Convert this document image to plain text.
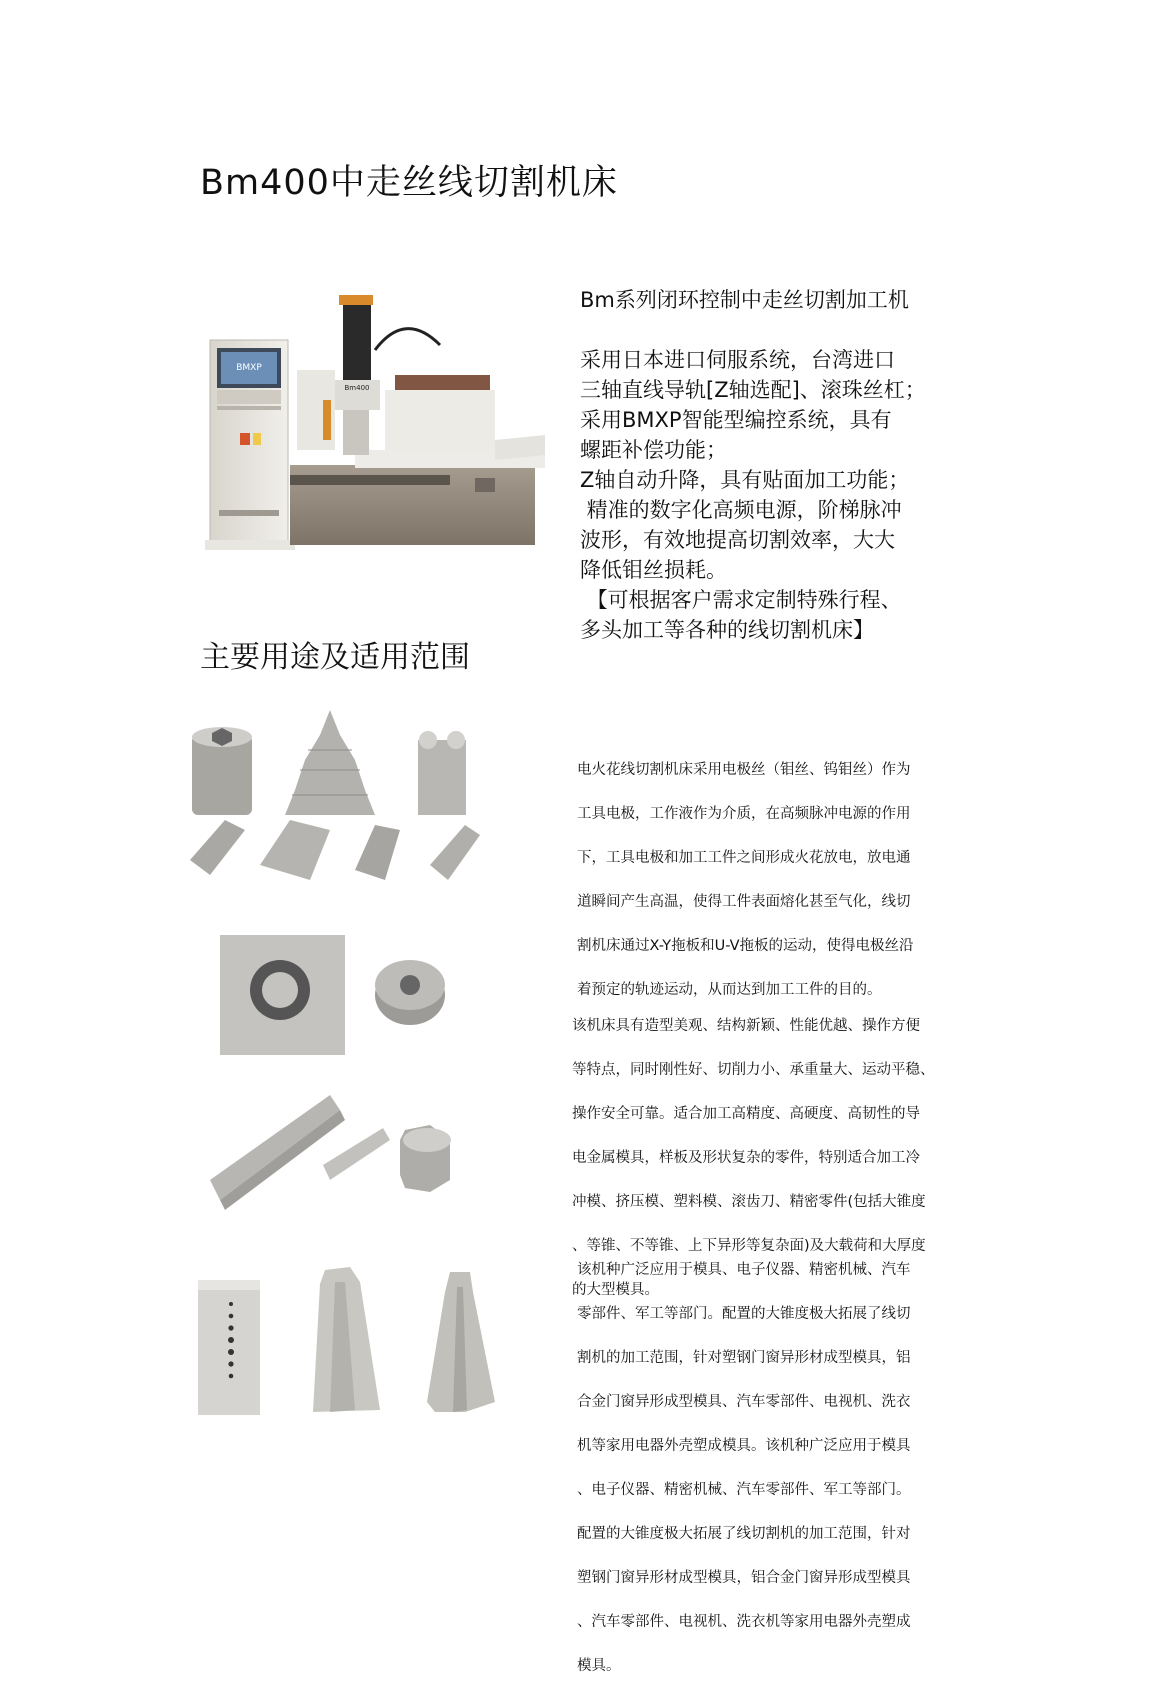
Bm400中走丝线切割机床
主要用途及适用范围
BMXP
Bm400
Bm系列闭环控制中走丝切割加工机
采用日本进口伺服系统，台湾进口
三轴直线导轨[Z轴选配]、滚珠丝杠；
采用BMXP智能型编控系统，具有
螺距补偿功能；
Z轴自动升降，具有贴面加工功能；
精准的数字化高频电源，阶梯脉冲
波形，有效地提高切割效率，大大
降低钼丝损耗。
【可根据客户需求定制特殊行程、
多头加工等各种的线切割机床】

电火花线切割机床采用电极丝（钼丝、钨钼丝）作为

工具电极，工作液作为介质，在高频脉冲电源的作用

下，工具电极和加工工件之间形成火花放电，放电通

道瞬间产生高温，使得工件表面熔化甚至气化，线切

割机床通过X-Y拖板和U-V拖板的运动，使得电极丝沿

着预定的轨迹运动，从而达到加工工件的目的。

该机床具有造型美观、结构新颖、性能优越、操作方便

等特点，同时刚性好、切削力小、承重量大、运动平稳、

操作安全可靠。适合加工高精度、高硬度、高韧性的导

电金属模具，样板及形状复杂的零件，特别适合加工冷

冲模、挤压模、塑料模、滚齿刀、精密零件(包括大锥度

、等锥、不等锥、上下异形等复杂面)及大载荷和大厚度

的大型模具。

该机种广泛应用于模具、电子仪器、精密机械、汽车

零部件、军工等部门。配置的大锥度极大拓展了线切

割机的加工范围，针对塑钢门窗异形材成型模具，铝

合金门窗异形成型模具、汽车零部件、电视机、洗衣

机等家用电器外壳塑成模具。该机种广泛应用于模具

、电子仪器、精密机械、汽车零部件、军工等部门。

配置的大锥度极大拓展了线切割机的加工范围，针对

塑钢门窗异形材成型模具，铝合金门窗异形成型模具

、汽车零部件、电视机、洗衣机等家用电器外壳塑成

模具。
